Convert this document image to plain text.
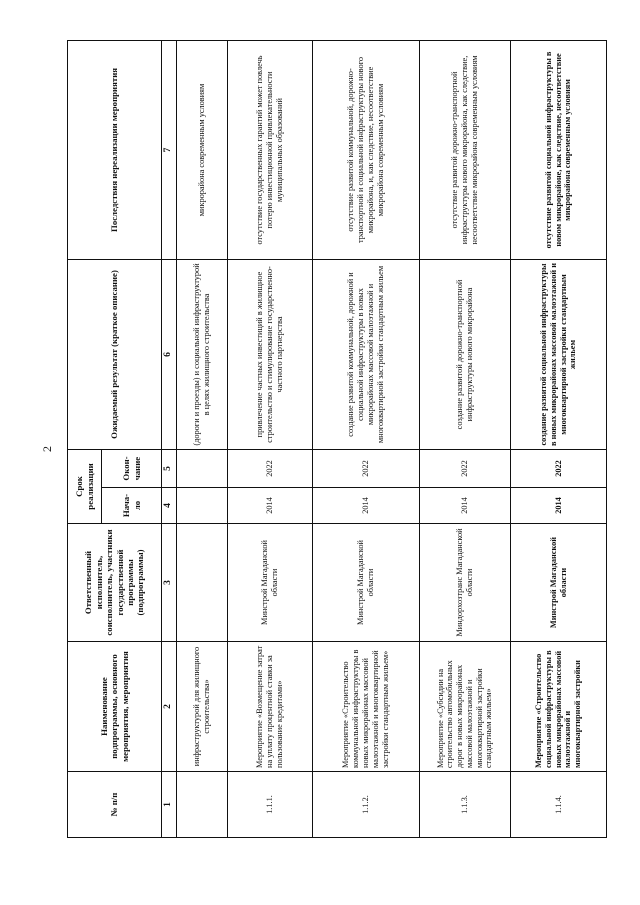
2
№ п/п	Наименование подпрограммы, основного мероприятия, мероприятия	Ответственный исполнитель, соисполнитель, участники государственной программы (подпрограммы)	Срок реализации		Ожидаемый результат (краткое описание)	Последствия нереализации мероприятия
			Нача-ло	Окон-чание		
1	2	3	4	5	6	7
	инфраструктурой для жилищного строительства»				(дороги и проезды) и социальной инфраструктурой в целях жилищного строительства	микрорайона современным условиям
1.1.1.	Мероприятие «Возмещение затрат на уплату процентной ставки за пользование кредитами»	Минстрой Магаданской области	2014	2022	привлечение частных инвестиций в жилищное строительство и стимулирование государственно-частного партнерства	отсутствие государственных гарантий может повлечь потерю инвестиционной привлекательности муниципальных образований
1.1.2.	Мероприятие «Строительство коммунальной инфраструктуры в новых микрорайонах массовой малоэтажной и многоквартирной застройки стандартным жильем»	Минстрой Магаданской области	2014	2022	создание развитой коммунальной, дорожной и социальной инфраструктуры в новых микрорайонах массовой малоэтажной и многоквартирной застройки стандартным жильем	отсутствие развитой коммунальной, дорожно-транспортной и социальной инфраструктуры нового микрорайона, и, как следствие, несоответствие микрорайона современным условиям
1.1.3.	Мероприятие «Субсидии на строительство автомобильных дорог в новых микрорайонах массовой малоэтажной и многоквартирной застройки стандартным жильем»	Миндорхозтранс Магаданской области	2014	2022	создание развитой дорожно-транспортной инфраструктуры нового микрорайона	отсутствие развитой дорожно-транспортной инфраструктуры нового микрорайона, как следствие, несоответствие микрорайона современным условиям
1.1.4.	Мероприятие «Строительство социальной инфраструктуры в новых микрорайонах массовой малоэтажной и многоквартирной застройки	Минстрой Магаданской области	2014	2022	создание развитой социальной инфраструктуры в новых микрорайонах массовой малоэтажной и многоквартирной застройки стандартным жильем	отсутствие развитой социальной инфраструктуры в новом микрорайоне, как следствие, несоответствие микрорайона современным условиям
